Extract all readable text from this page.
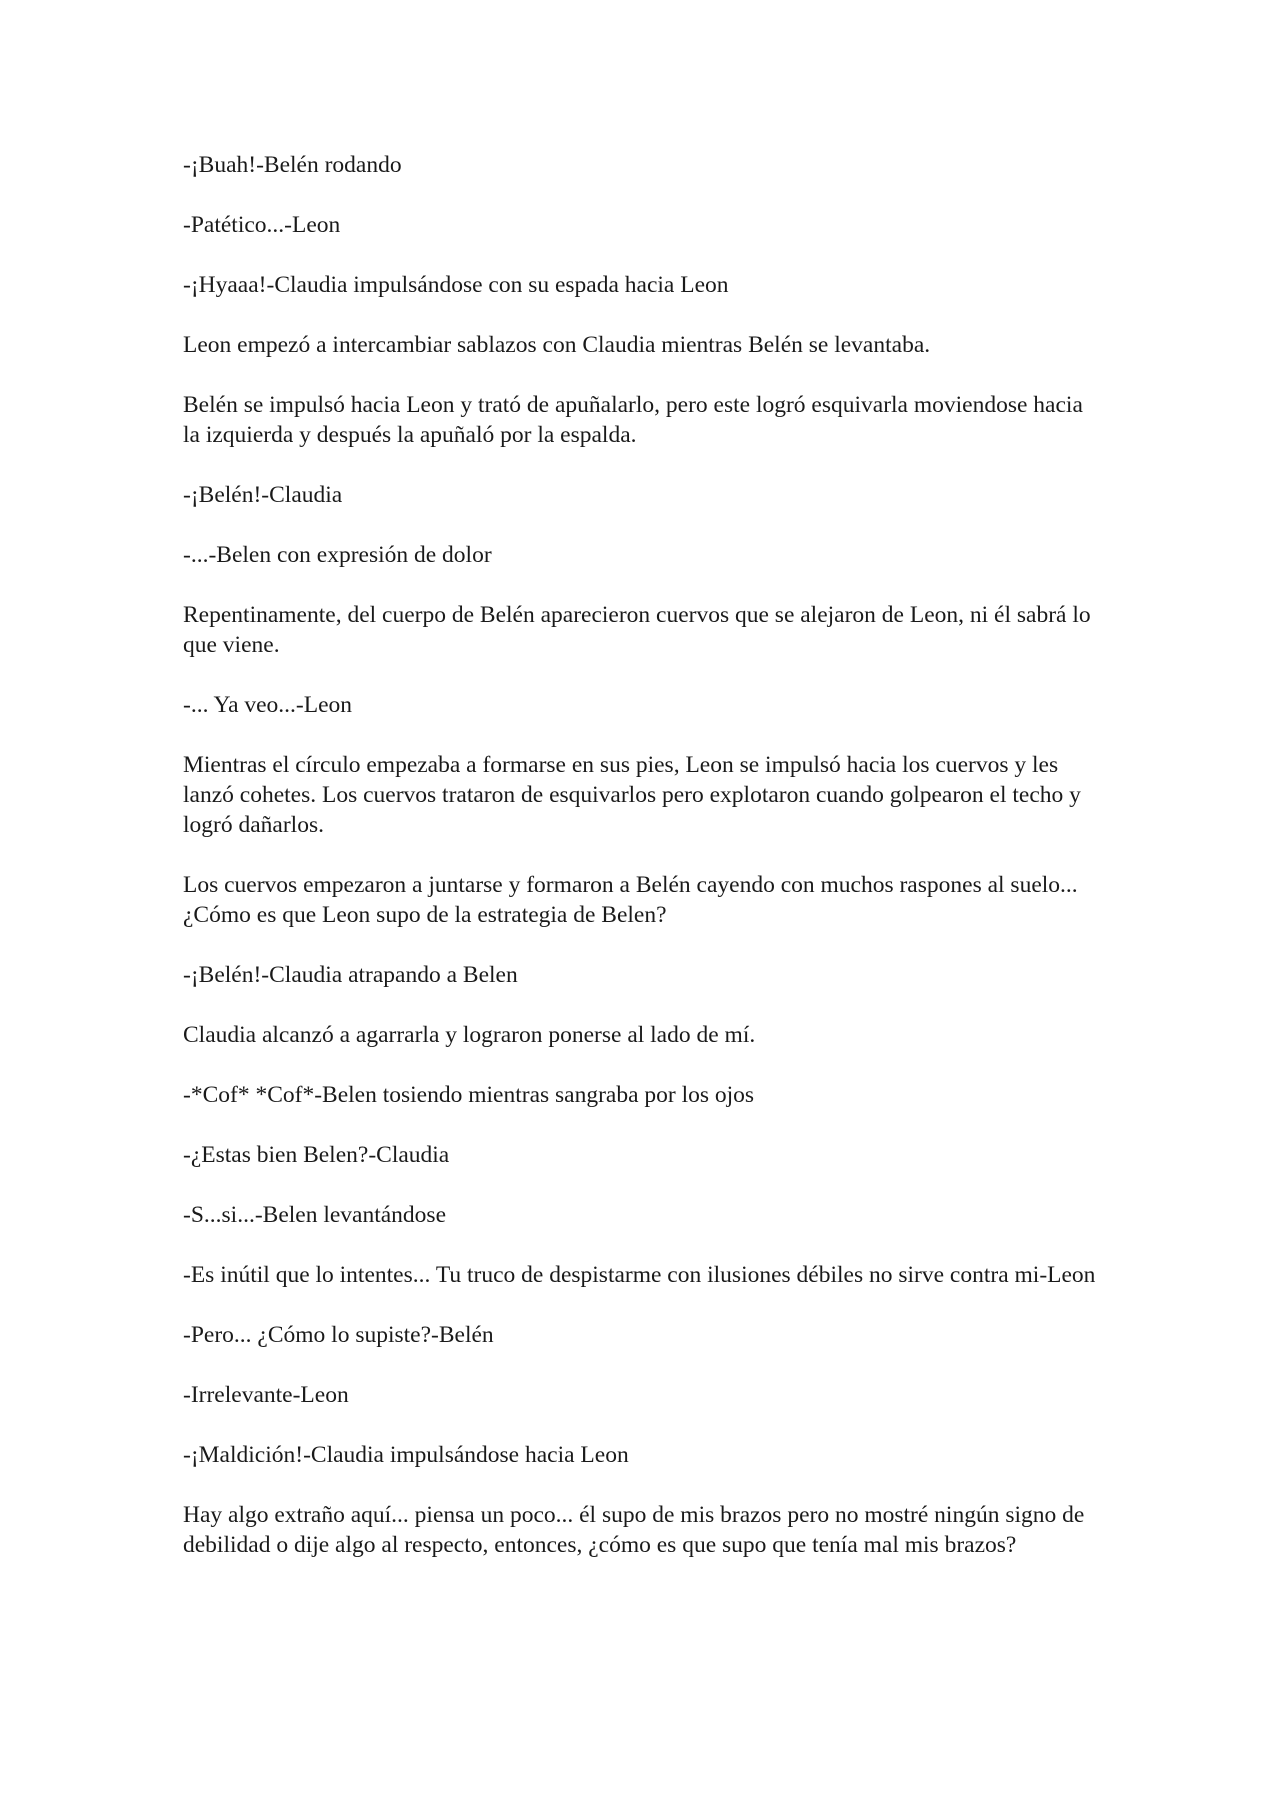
-¡Buah!-Belén rodando

-Patético...-Leon

-¡Hyaaa!-Claudia impulsándose con su espada hacia Leon

Leon empezó a intercambiar sablazos con Claudia mientras Belén se levantaba.

Belén se impulsó hacia Leon y trató de apuñalarlo, pero este logró esquivarla moviendose hacia la izquierda y después la apuñaló por la espalda.

-¡Belén!-Claudia

-...-Belen con expresión de dolor

Repentinamente, del cuerpo de Belén aparecieron cuervos que se alejaron de Leon, ni él sabrá lo que viene.

-... Ya veo...-Leon

Mientras el círculo empezaba a formarse en sus pies, Leon se impulsó hacia los cuervos y les lanzó cohetes. Los cuervos trataron de esquivarlos pero explotaron cuando golpearon el techo y logró dañarlos.

Los cuervos empezaron a juntarse y formaron a Belén cayendo con muchos raspones al suelo... ¿Cómo es que Leon supo de la estrategia de Belen?

-¡Belén!-Claudia atrapando a Belen

Claudia alcanzó a agarrarla y lograron ponerse al lado de mí.

-*Cof* *Cof*-Belen tosiendo mientras sangraba por los ojos

-¿Estas bien Belen?-Claudia

-S...si...-Belen levantándose

-Es inútil que lo intentes... Tu truco de despistarme con ilusiones débiles no sirve contra mi-Leon

-Pero... ¿Cómo lo supiste?-Belén

-Irrelevante-Leon

-¡Maldición!-Claudia impulsándose hacia Leon

Hay algo extraño aquí... piensa un poco... él supo de mis brazos pero no mostré ningún signo de debilidad o dije algo al respecto, entonces, ¿cómo es que supo que tenía mal mis brazos?
